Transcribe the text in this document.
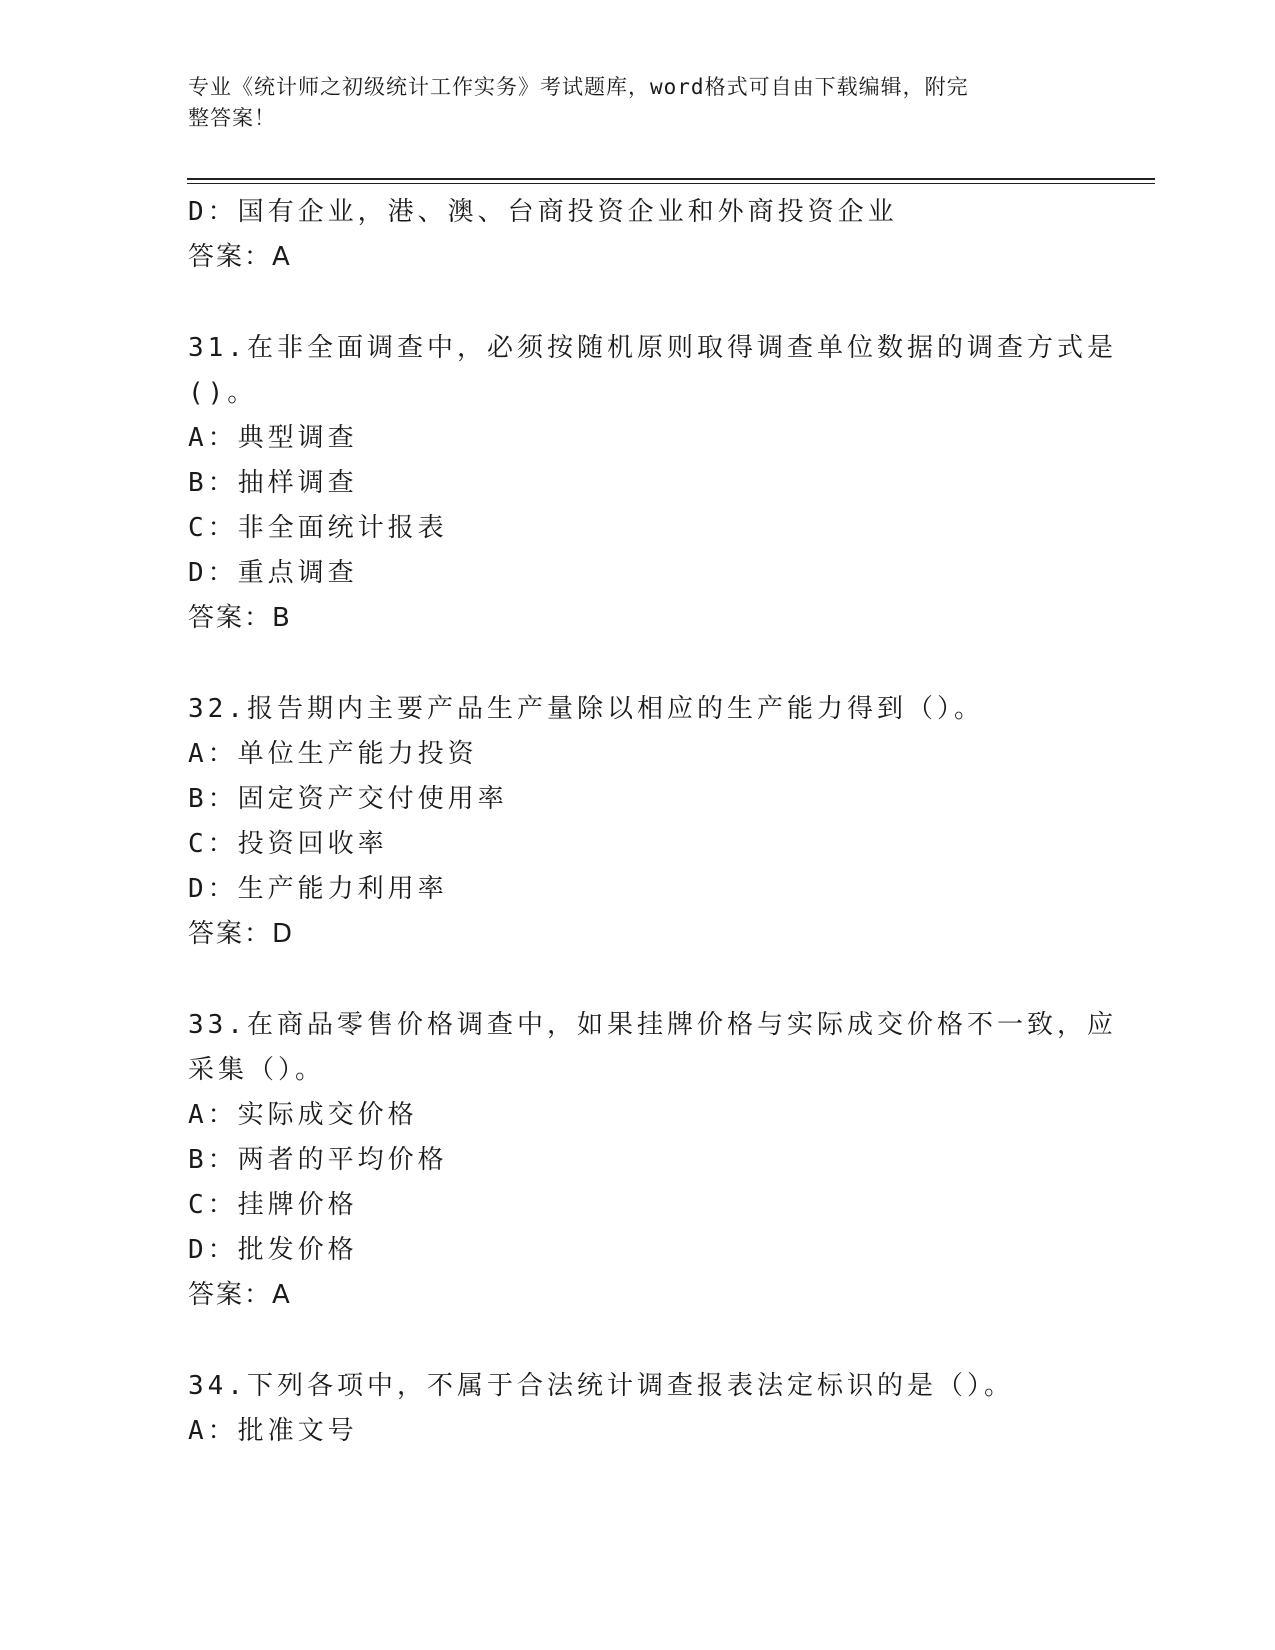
专业《统计师之初级统计工作实务》考试题库，word格式可自由下载编辑，附完
整答案！
D：国有企业，港、澳、台商投资企业和外商投资企业
答案：A
31.在非全面调查中，必须按随机原则取得调查单位数据的调查方式是
()。
A：典型调查
B：抽样调查
C：非全面统计报表
D：重点调查
答案：B
32.报告期内主要产品生产量除以相应的生产能力得到（）。
A：单位生产能力投资
B：固定资产交付使用率
C：投资回收率
D：生产能力利用率
答案：D
33.在商品零售价格调查中，如果挂牌价格与实际成交价格不一致，应
采集（）。
A：实际成交价格
B：两者的平均价格
C：挂牌价格
D：批发价格
答案：A
34.下列各项中，不属于合法统计调查报表法定标识的是（）。
A：批准文号
